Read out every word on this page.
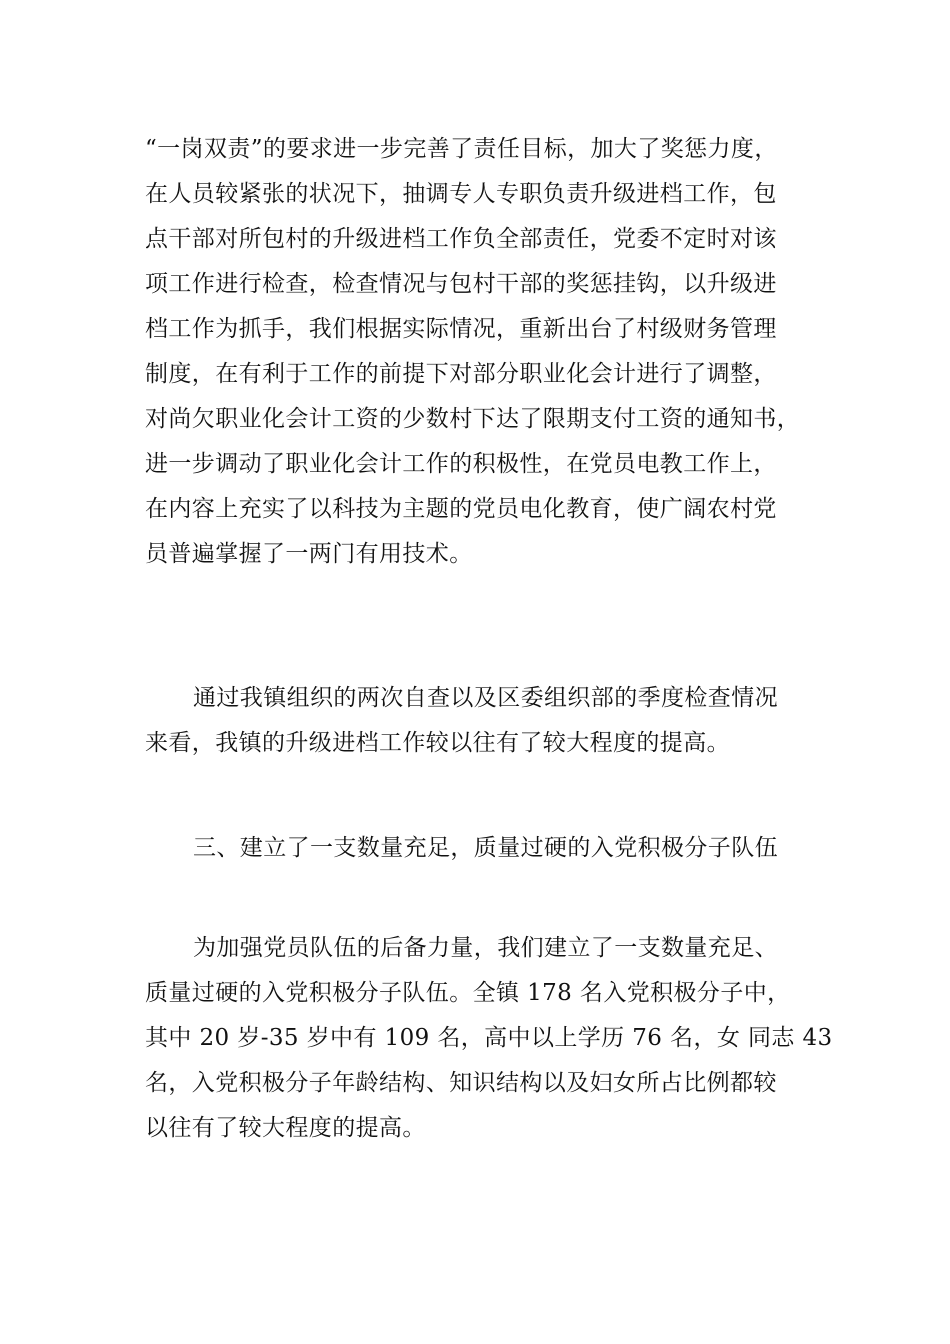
“一岗双责”的要求进一步完善了责任目标，加大了奖惩力度，
在人员较紧张的状况下，抽调专人专职负责升级进档工作，包
点干部对所包村的升级进档工作负全部责任，党委不定时对该
项工作进行检查，检查情况与包村干部的奖惩挂钩，以升级进
档工作为抓手，我们根据实际情况，重新出台了村级财务管理
制度，在有利于工作的前提下对部分职业化会计进行了调整，
对尚欠职业化会计工资的少数村下达了限期支付工资的通知书，
进一步调动了职业化会计工作的积极性，在党员电教工作上，
在内容上充实了以科技为主题的党员电化教育，使广阔农村党
员普遍掌握了一两门有用技术。
通过我镇组织的两次自查以及区委组织部的季度检查情况
来看，我镇的升级进档工作较以往有了较大程度的提高。
三、建立了一支数量充足，质量过硬的入党积极分子队伍
为加强党员队伍的后备力量，我们建立了一支数量充足、
质量过硬的入党积极分子队伍。全镇 178 名入党积极分子中，
其中 20 岁-35 岁中有 109 名，高中以上学历 76 名，女 同志 43
名，入党积极分子年龄结构、知识结构以及妇女所占比例都较
以往有了较大程度的提高。
